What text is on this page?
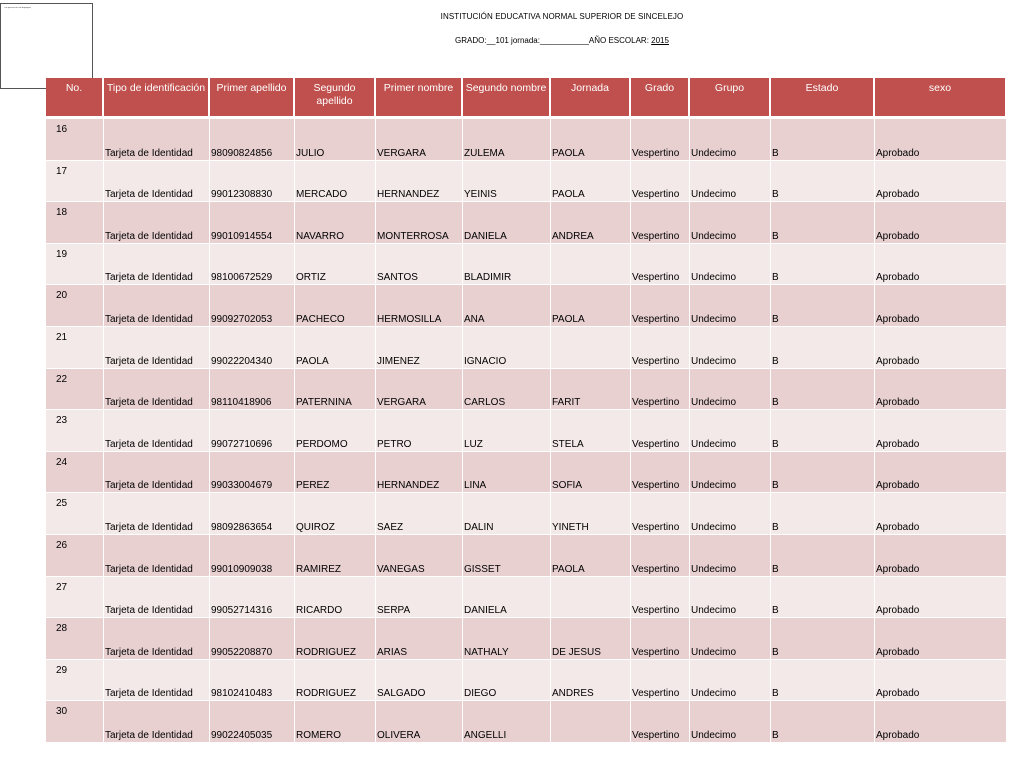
The picture can't be displayed.
INSTITUCIÓN EDUCATIVA NORMAL SUPERIOR DE SINCELEJO
GRADO:__101 jornada:___________AÑO ESCOLAR: 2015
No.	Tipo de identificación	Primer apellido	Segundo apellido	Primer nombre	Segundo nombre	Jornada	Grado	Grupo	Estado	sexo
16	Tarjeta de Identidad	98090824856	JULIO	VERGARA	ZULEMA	PAOLA	Vespertino	Undecimo	B	Aprobado
17	Tarjeta de Identidad	99012308830	MERCADO	HERNANDEZ	YEINIS	PAOLA	Vespertino	Undecimo	B	Aprobado
18	Tarjeta de Identidad	99010914554	NAVARRO	MONTERROSA	DANIELA	ANDREA	Vespertino	Undecimo	B	Aprobado
19	Tarjeta de Identidad	98100672529	ORTIZ	SANTOS	BLADIMIR		Vespertino	Undecimo	B	Aprobado
20	Tarjeta de Identidad	99092702053	PACHECO	HERMOSILLA	ANA	PAOLA	Vespertino	Undecimo	B	Aprobado
21	Tarjeta de Identidad	99022204340	PAOLA	JIMENEZ	IGNACIO		Vespertino	Undecimo	B	Aprobado
22	Tarjeta de Identidad	98110418906	PATERNINA	VERGARA	CARLOS	FARIT	Vespertino	Undecimo	B	Aprobado
23	Tarjeta de Identidad	99072710696	PERDOMO	PETRO	LUZ	STELA	Vespertino	Undecimo	B	Aprobado
24	Tarjeta de Identidad	99033004679	PEREZ	HERNANDEZ	LINA	SOFIA	Vespertino	Undecimo	B	Aprobado
25	Tarjeta de Identidad	98092863654	QUIROZ	SAEZ	DALIN	YINETH	Vespertino	Undecimo	B	Aprobado
26	Tarjeta de Identidad	99010909038	RAMIREZ	VANEGAS	GISSET	PAOLA	Vespertino	Undecimo	B	Aprobado
27	Tarjeta de Identidad	99052714316	RICARDO	SERPA	DANIELA		Vespertino	Undecimo	B	Aprobado
28	Tarjeta de Identidad	99052208870	RODRIGUEZ	ARIAS	NATHALY	DE JESUS	Vespertino	Undecimo	B	Aprobado
29	Tarjeta de Identidad	98102410483	RODRIGUEZ	SALGADO	DIEGO	ANDRES	Vespertino	Undecimo	B	Aprobado
30	Tarjeta de Identidad	99022405035	ROMERO	OLIVERA	ANGELLI		Vespertino	Undecimo	B	Aprobado
